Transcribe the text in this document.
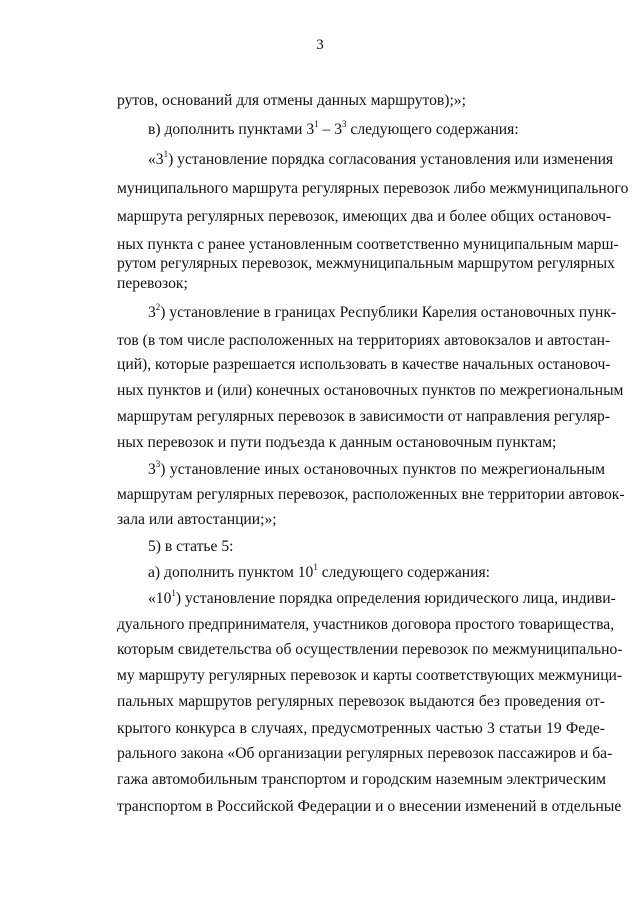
3
рутов, оснований для отмены данных маршрутов);»;
в) дополнить пунктами $3^1 - 3^3$ следующего содержания:
«$3^1$) установление порядка согласования установления или изменения
муниципального маршрута регулярных перевозок либо межмуниципального
маршрута регулярных перевозок, имеющих два и более общих остановоч-
ных пункта с ранее установленным соответственно муниципальным марш-
рутом регулярных перевозок, межмуниципальным маршрутом регулярных
перевозок;
$3^2$) установление в границах Республики Карелия остановочных пунк-
тов (в том числе расположенных на территориях автовокзалов и автостан-
ций), которые разрешается использовать в качестве начальных остановоч-
ных пунктов и (или) конечных остановочных пунктов по межрегиональным
маршрутам регулярных перевозок в зависимости от направления регуляр-
ных перевозок и пути подъезда к данным остановочным пунктам;
$3^3$) установление иных остановочных пунктов по межрегиональным
маршрутам регулярных перевозок, расположенных вне территории автовок-
зала или автостанции;»;
5) в статье 5:
а) дополнить пунктом $10^1$ следующего содержания:
«$10^1$) установление порядка определения юридического лица, индиви-
дуального предпринимателя, участников договора простого товарищества,
которым свидетельства об осуществлении перевозок по межмуниципально-
му маршруту регулярных перевозок и карты соответствующих межмуници-
пальных маршрутов регулярных перевозок выдаются без проведения от-
крытого конкурса в случаях, предусмотренных частью 3 статьи 19 Феде-
рального закона «Об организации регулярных перевозок пассажиров и ба-
гажа автомобильным транспортом и городским наземным электрическим
транспортом в Российской Федерации и о внесении изменений в отдельные
